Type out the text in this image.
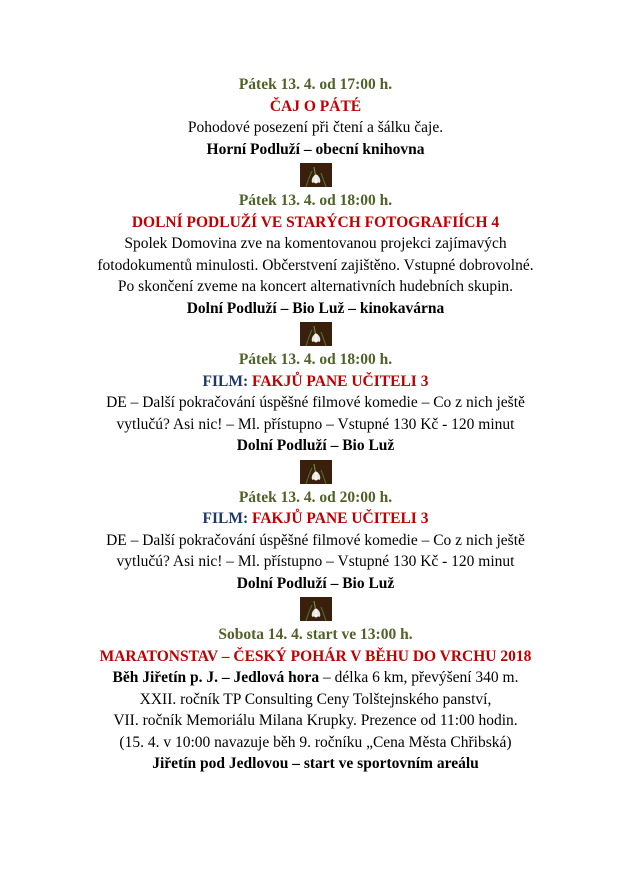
Pátek 13. 4. od 17:00 h.
ČAJ O PÁTÉ
Pohodové posezení při čtení a šálku čaje.
Horní Podluží – obecní knihovna
Pátek 13. 4. od 18:00 h.
DOLNÍ PODLUŽÍ VE STARÝCH FOTOGRAFIÍCH 4
Spolek Domovina zve na komentovanou projekci zajímavých
fotodokumentů minulosti. Občerstvení zajištěno. Vstupné dobrovolné.
Po skončení zveme na koncert alternativních hudebních skupin.
Dolní Podluží – Bio Luž – kinokavárna
Pátek 13. 4. od 18:00 h.
FILM: FAKJŮ PANE UČITELI 3
DE – Další pokračování úspěšné filmové komedie – Co z nich ještě
vytlučú? Asi nic! – Ml. přístupno – Vstupné 130 Kč - 120 minut
Dolní Podluží – Bio Luž
Pátek 13. 4. od 20:00 h.
FILM: FAKJŮ PANE UČITELI 3
DE – Další pokračování úspěšné filmové komedie – Co z nich ještě
vytlučú? Asi nic! – Ml. přístupno – Vstupné 130 Kč - 120 minut
Dolní Podluží – Bio Luž
Sobota 14. 4. start ve 13:00 h.
MARATONSTAV – ČESKÝ POHÁR V BĚHU DO VRCHU 2018
Běh Jiřetín p. J. – Jedlová hora – délka 6 km, převýšení 340 m.
XXII. ročník TP Consulting Ceny Tolštejnského panství,
VII. ročník Memoriálu Milana Krupky. Prezence od 11:00 hodin.
(15. 4. v 10:00 navazuje běh 9. ročníku „Cena Města Chřibská)
Jiřetín pod Jedlovou – start ve sportovním areálu
